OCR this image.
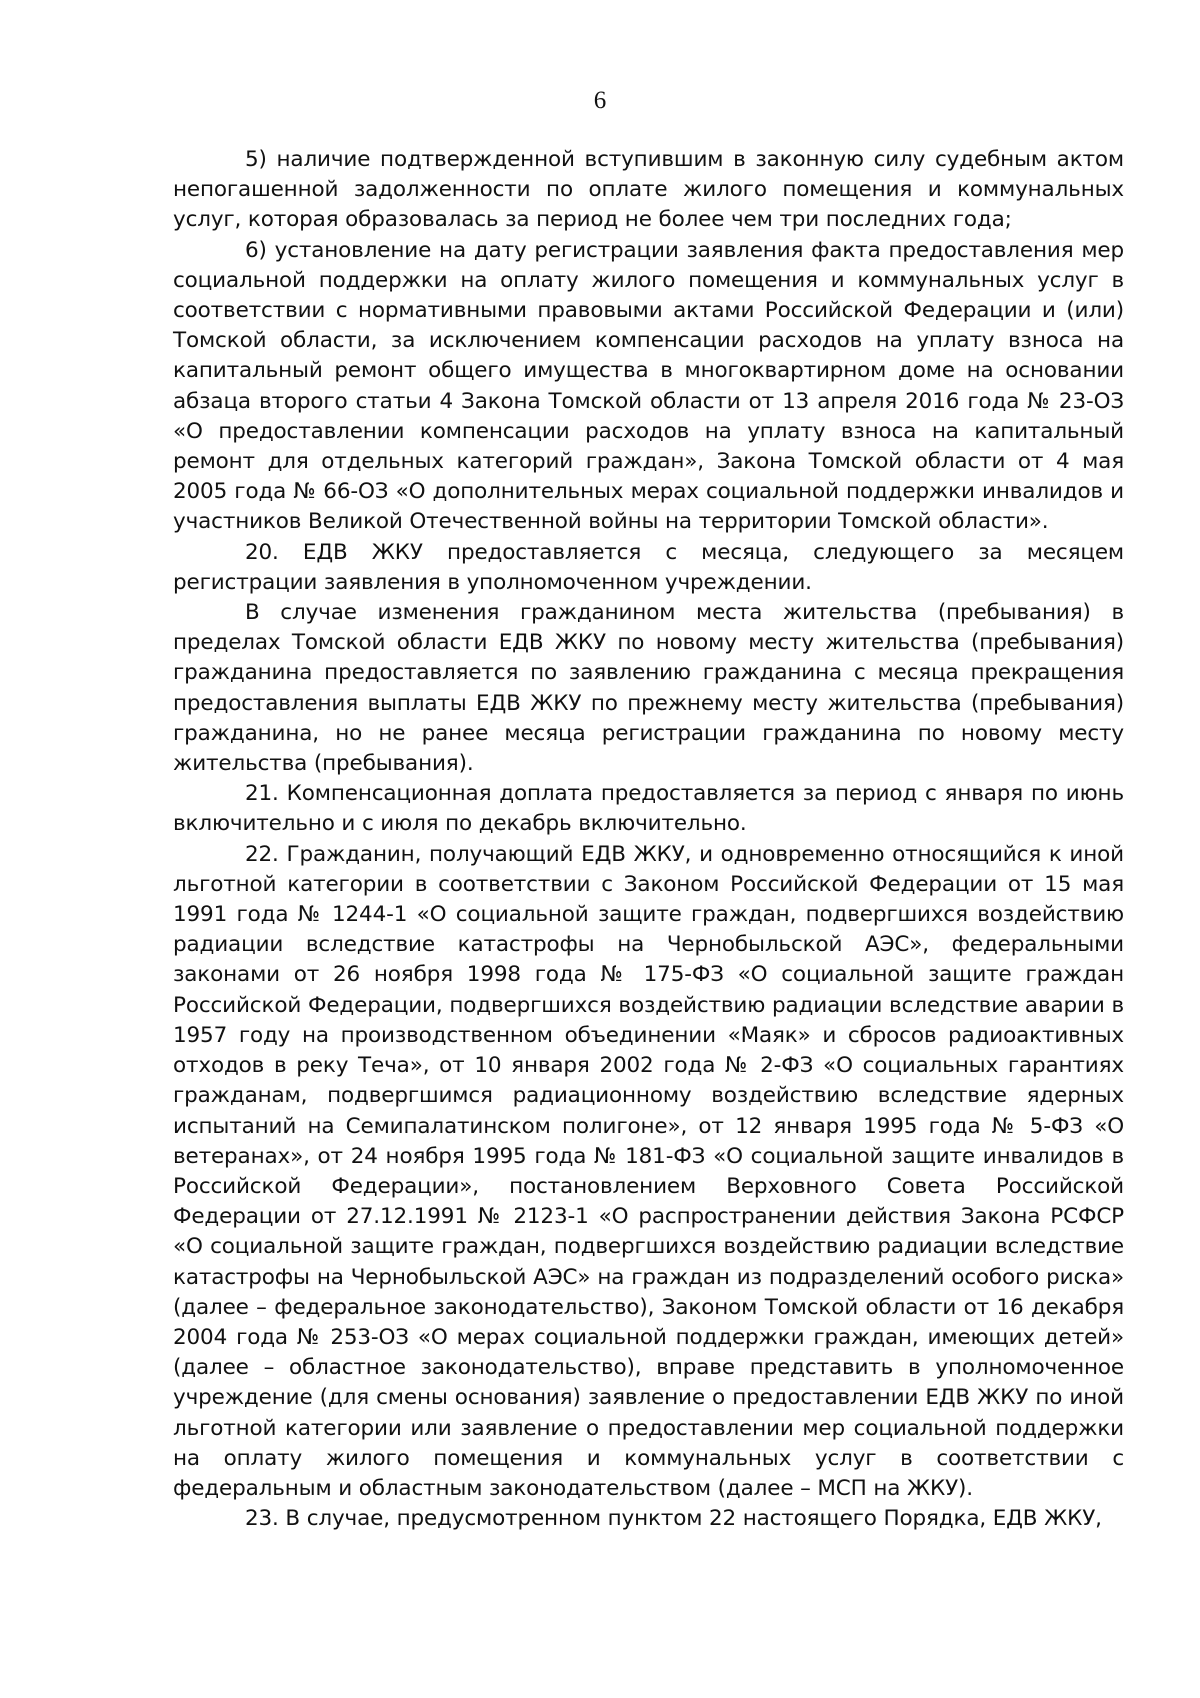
6

5) наличие подтвержденной вступившим в законную силу судебным актом непогашенной задолженности по оплате жилого помещения и коммунальных услуг, которая образовалась за период не более чем три последних года;

6) установление на дату регистрации заявления факта предоставления мер социальной поддержки на оплату жилого помещения и коммунальных услуг в соответствии с нормативными правовыми актами Российской Федерации и (или) Томской области, за исключением компенсации расходов на уплату взноса на капитальный ремонт общего имущества в многоквартирном доме на основании абзаца второго статьи 4 Закона Томской области от 13 апреля 2016 года № 23-ОЗ «О предоставлении компенсации расходов на уплату взноса на капитальный ремонт для отдельных категорий граждан», Закона Томской области от 4 мая 2005 года № 66-ОЗ «О дополнительных мерах социальной поддержки инвалидов и участников Великой Отечественной войны на территории Томской области».

20. ЕДВ ЖКУ предоставляется с месяца, следующего за месяцем регистрации заявления в уполномоченном учреждении.

В случае изменения гражданином места жительства (пребывания) в пределах Томской области ЕДВ ЖКУ по новому месту жительства (пребывания) гражданина предоставляется по заявлению гражданина с месяца прекращения предоставления выплаты ЕДВ ЖКУ по прежнему месту жительства (пребывания) гражданина, но не ранее месяца регистрации гражданина по новому месту жительства (пребывания).

21. Компенсационная доплата предоставляется за период с января по июнь включительно и с июля по декабрь включительно.

22. Гражданин, получающий ЕДВ ЖКУ, и одновременно относящийся к иной льготной категории в соответствии с Законом Российской Федерации от 15 мая 1991 года № 1244-1 «О социальной защите граждан, подвергшихся воздействию радиации вследствие катастрофы на Чернобыльской АЭС», федеральными законами от 26 ноября 1998 года № 175-ФЗ «О социальной защите граждан Российской Федерации, подвергшихся воздействию радиации вследствие аварии в 1957 году на производственном объединении «Маяк» и сбросов радиоактивных отходов в реку Теча», от 10 января 2002 года № 2-ФЗ «О социальных гарантиях гражданам, подвергшимся радиационному воздействию вследствие ядерных испытаний на Семипалатинском полигоне», от 12 января 1995 года № 5-ФЗ «О ветеранах», от 24 ноября 1995 года № 181-ФЗ «О социальной защите инвалидов в Российской Федерации», постановлением Верховного Совета Российской Федерации от 27.12.1991 № 2123-1 «О распространении действия Закона РСФСР «О социальной защите граждан, подвергшихся воздействию радиации вследствие катастрофы на Чернобыльской АЭС» на граждан из подразделений особого риска» (далее – федеральное законодательство), Законом Томской области от 16 декабря 2004 года № 253-ОЗ «О мерах социальной поддержки граждан, имеющих детей» (далее – областное законодательство), вправе представить в уполномоченное учреждение (для смены основания) заявление о предоставлении ЕДВ ЖКУ по иной льготной категории или заявление о предоставлении мер социальной поддержки на оплату жилого помещения и коммунальных услуг в соответствии с федеральным и областным законодательством (далее – МСП на ЖКУ).

23. В случае, предусмотренном пунктом 22 настоящего Порядка, ЕДВ ЖКУ,
